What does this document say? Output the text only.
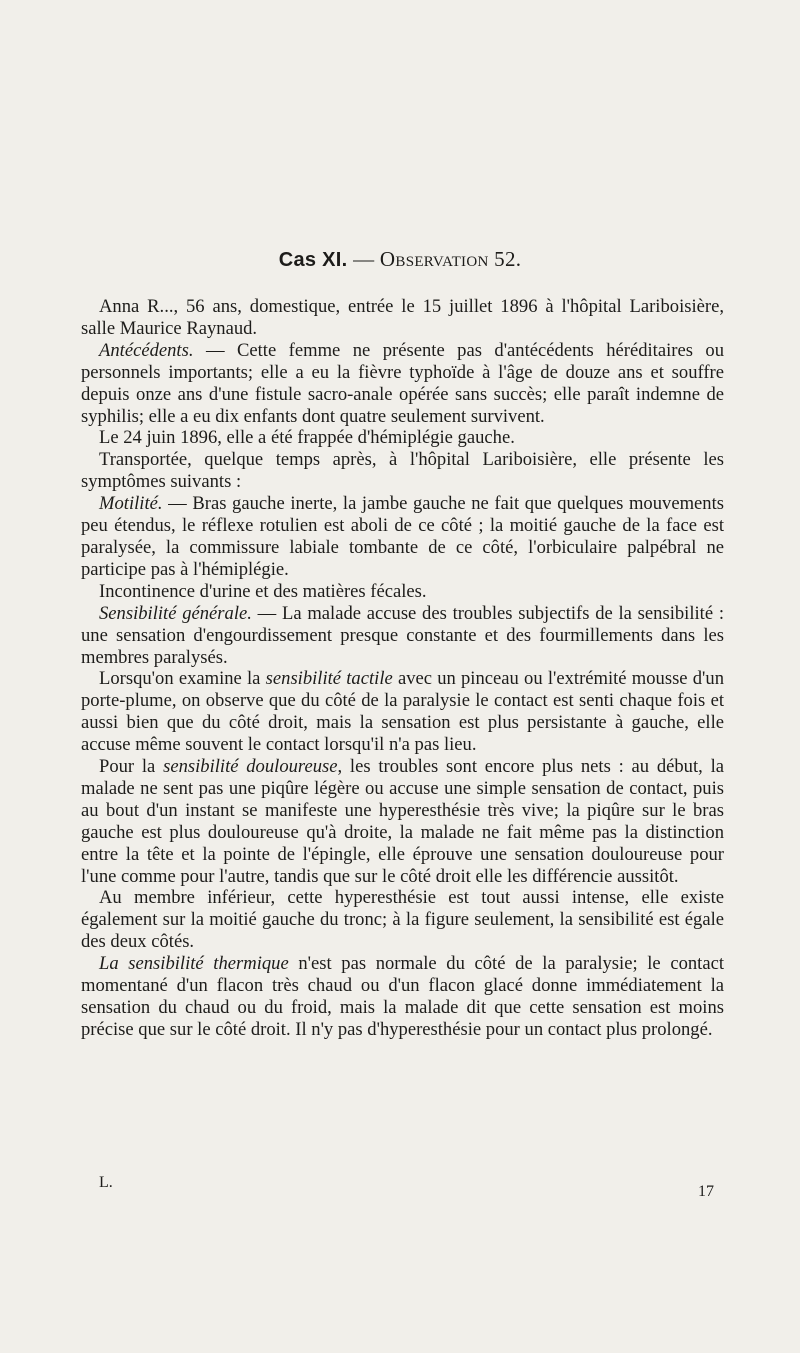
Cas XI. — Observation 52.

Anna R..., 56 ans, domestique, entrée le 15 juillet 1896 à l'hôpital Lariboisière, salle Maurice Raynaud.

Antécédents. — Cette femme ne présente pas d'antécédents héréditaires ou personnels importants; elle a eu la fièvre typhoïde à l'âge de douze ans et souffre depuis onze ans d'une fistule sacro-anale opérée sans succès; elle paraît indemne de syphilis; elle a eu dix enfants dont quatre seulement survivent.

Le 24 juin 1896, elle a été frappée d'hémiplégie gauche.

Transportée, quelque temps après, à l'hôpital Lariboisière, elle présente les symptômes suivants :

Motilité. — Bras gauche inerte, la jambe gauche ne fait que quelques mouvements peu étendus, le réflexe rotulien est aboli de ce côté ; la moitié gauche de la face est paralysée, la commissure labiale tombante de ce côté, l'orbiculaire palpébral ne participe pas à l'hémiplégie.

Incontinence d'urine et des matières fécales.

Sensibilité générale. — La malade accuse des troubles subjectifs de la sensibilité : une sensation d'engourdissement presque constante et des fourmillements dans les membres paralysés.

Lorsqu'on examine la sensibilité tactile avec un pinceau ou l'extrémité mousse d'un porte-plume, on observe que du côté de la paralysie le contact est senti chaque fois et aussi bien que du côté droit, mais la sensation est plus persistante à gauche, elle accuse même souvent le contact lorsqu'il n'a pas lieu.

Pour la sensibilité douloureuse, les troubles sont encore plus nets : au début, la malade ne sent pas une piqûre légère ou accuse une simple sensation de contact, puis au bout d'un instant se manifeste une hyperesthésie très vive; la piqûre sur le bras gauche est plus douloureuse qu'à droite, la malade ne fait même pas la distinction entre la tête et la pointe de l'épingle, elle éprouve une sensation douloureuse pour l'une comme pour l'autre, tandis que sur le côté droit elle les différencie aussitôt.

Au membre inférieur, cette hyperesthésie est tout aussi intense, elle existe également sur la moitié gauche du tronc; à la figure seulement, la sensibilité est égale des deux côtés.

La sensibilité thermique n'est pas normale du côté de la paralysie; le contact momentané d'un flacon très chaud ou d'un flacon glacé donne immédiatement la sensation du chaud ou du froid, mais la malade dit que cette sensation est moins précise que sur le côté droit. Il n'y pas d'hyperesthésie pour un contact plus prolongé.

L.
17
